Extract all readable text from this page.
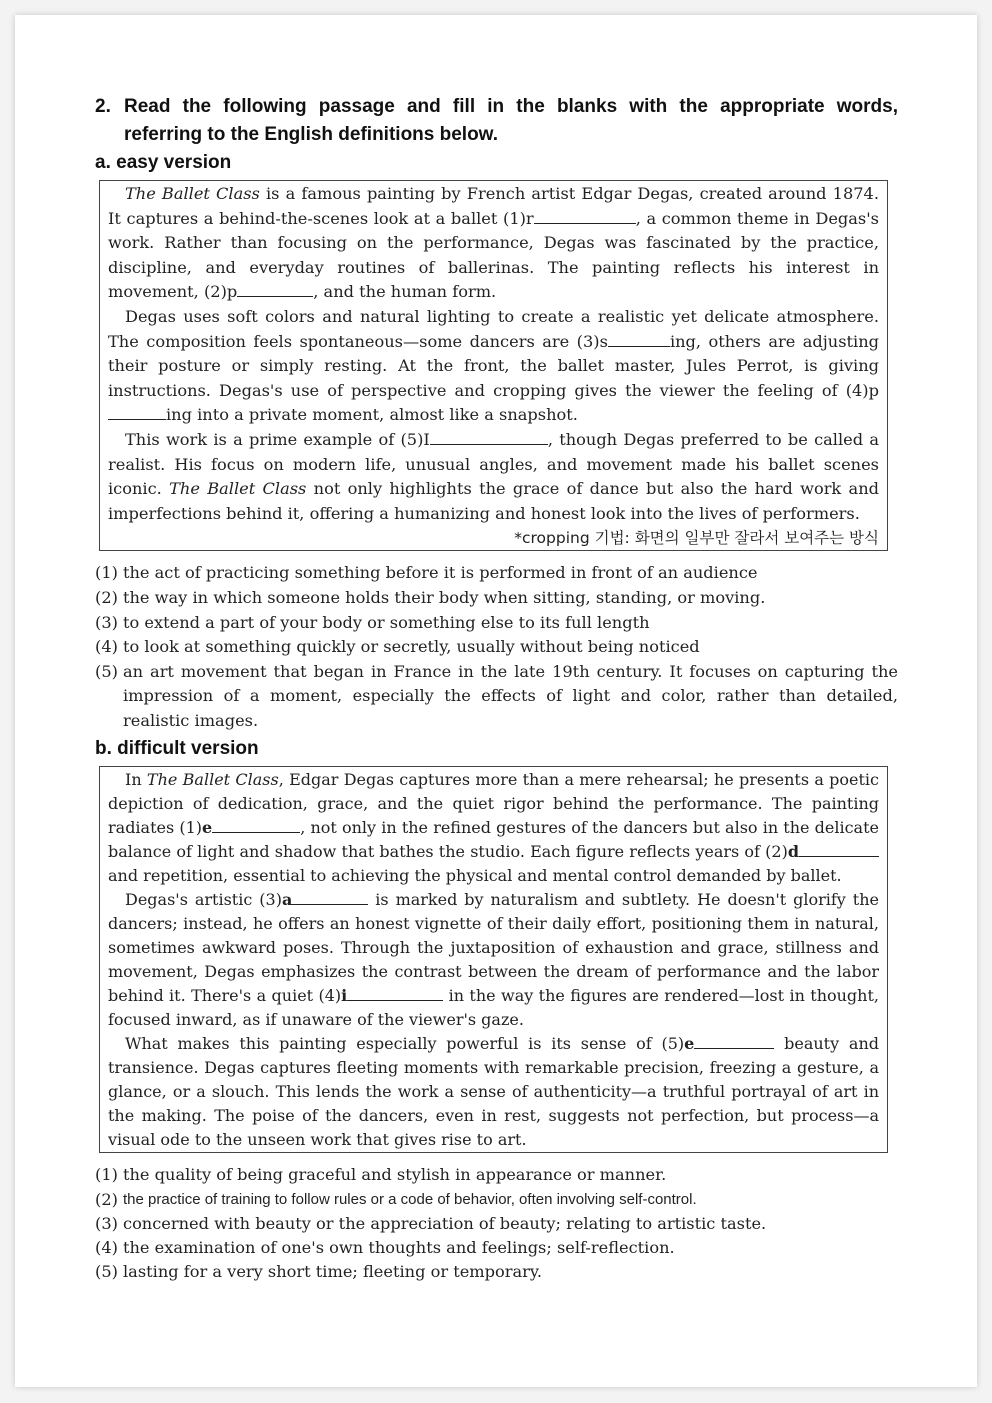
2. Read the following passage and fill in the blanks with the appropriate words,
referring to the English definitions below.
a. easy version

The Ballet Class is a famous painting by French artist Edgar Degas, created around 1874. It captures a behind-the-scenes look at a ballet (1)r	, a common theme in Degas's work. Rather than focusing on the performance, Degas was fascinated by the practice, discipline, and everyday routines of ballerinas. The painting reflects his interest in movement, (2)p	, and the human form.

Degas uses soft colors and natural lighting to create a realistic yet delicate atmosphere. The composition feels spontaneous—some dancers are (3)s	ing, others are adjusting their posture or simply resting. At the front, the ballet master, Jules Perrot, is giving instructions. Degas's use of perspective and cropping gives the viewer the feeling of (4)ping into a private moment, almost like a snapshot.

This work is a prime example of (5)I	, though Degas preferred to be called a realist. His focus on modern life, unusual angles, and movement made his ballet scenes iconic. The Ballet Class not only highlights the grace of dance but also the hard work and imperfections behind it, offering a humanizing and honest look into the lives of performers.

*cropping 기법: 화면의 일부만 잘라서 보여주는 방식
(1) the act of practicing something before it is performed in front of an audience
(2) the way in which someone holds their body when sitting, standing, or moving.
(3) to extend a part of your body or something else to its full length
(4) to look at something quickly or secretly, usually without being noticed
(5) an art movement that began in France in the late 19th century. It focuses on capturing the impression of a moment, especially the effects of light and color, rather than detailed, realistic images.
b. difficult version

In The Ballet Class, Edgar Degas captures more than a mere rehearsal; he presents a poetic depiction of dedication, grace, and the quiet rigor behind the performance. The painting radiates (1)e	, not only in the refined gestures of the dancers but also in the delicate balance of light and shadow that bathes the studio. Each figure reflects years of (2)d and repetition, essential to achieving the physical and mental control demanded by ballet.

Degas's artistic (3)a	is marked by naturalism and subtlety. He doesn't glorify the dancers; instead, he offers an honest vignette of their daily effort, positioning them in natural, sometimes awkward poses. Through the juxtaposition of exhaustion and grace, stillness and movement, Degas emphasizes the contrast between the dream of performance and the labor behind it. There's a quiet (4)i	in the way the figures are rendered—lost in thought, focused inward, as if unaware of the viewer's gaze.

What makes this painting especially powerful is its sense of (5)e	beauty and transience. Degas captures fleeting moments with remarkable precision, freezing a gesture, a glance, or a slouch. This lends the work a sense of authenticity—a truthful portrayal of art in the making. The poise of the dancers, even in rest, suggests not perfection, but process—a visual ode to the unseen work that gives rise to art.

(1) the quality of being graceful and stylish in appearance or manner.
(2) the practice of training to follow rules or a code of behavior, often involving self-control.
(3) concerned with beauty or the appreciation of beauty; relating to artistic taste.
(4) the examination of one's own thoughts and feelings; self-reflection.
(5) lasting for a very short time; fleeting or temporary.
